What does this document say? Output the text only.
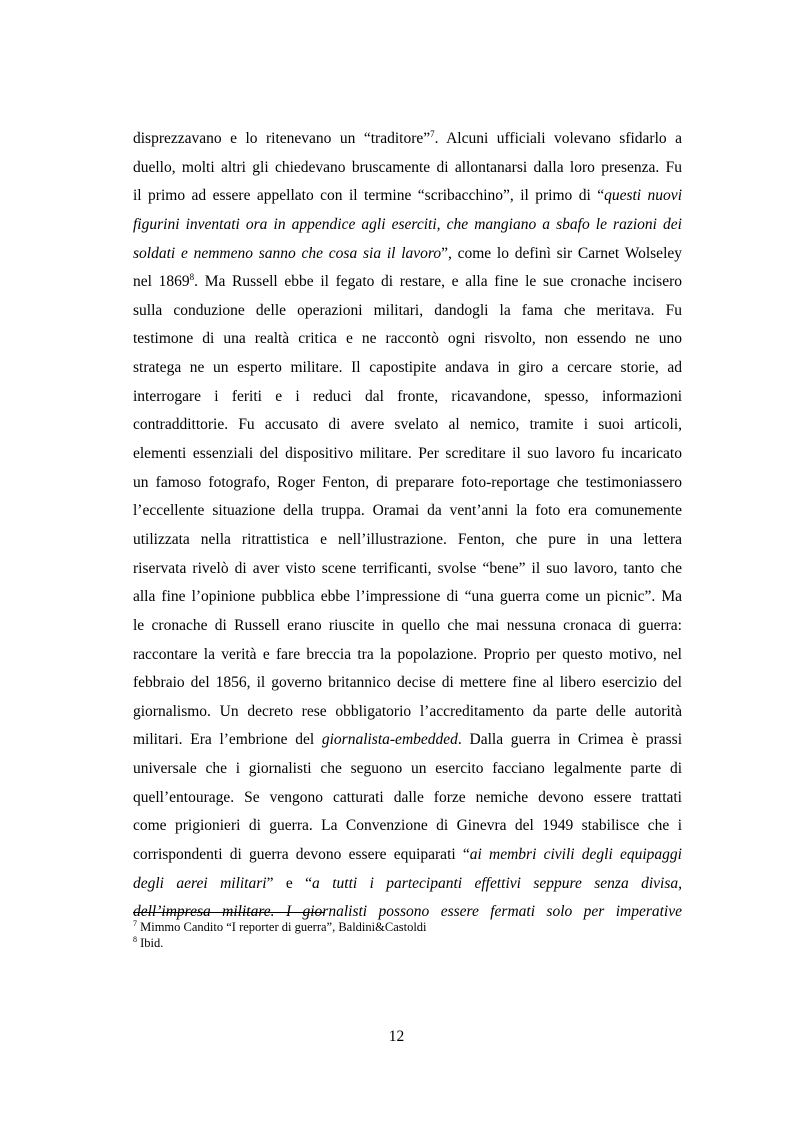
disprezzavano e lo ritenevano un “traditore”$^7$. Alcuni ufficiali volevano sfidarlo a
duello, molti altri gli chiedevano bruscamente di allontanarsi dalla loro presenza. Fu
il primo ad essere appellato con il termine “scribacchino”, il primo di “questi nuovi
figurini inventati ora in appendice agli eserciti, che mangiano a sbafo le razioni dei
soldati e nemmeno sanno che cosa sia il lavoro”, come lo definì sir Carnet Wolseley
nel 1869$^8$. Ma Russell ebbe il fegato di restare, e alla fine le sue cronache incisero
sulla conduzione delle operazioni militari, dandogli la fama che meritava. Fu
testimone di una realtà critica e ne raccontò ogni risvolto, non essendo ne uno
stratega ne un esperto militare. Il capostipite andava in giro a cercare storie, ad
interrogare i feriti e i reduci dal fronte, ricavandone, spesso, informazioni
contraddittorie. Fu accusato di avere svelato al nemico, tramite i suoi articoli,
elementi essenziali del dispositivo militare. Per screditare il suo lavoro fu incaricato
un famoso fotografo, Roger Fenton, di preparare foto-reportage che testimoniassero
l’eccellente situazione della truppa. Oramai da vent’anni la foto era comunemente
utilizzata nella ritrattistica e nell’illustrazione. Fenton, che pure in una lettera
riservata rivelò di aver visto scene terrificanti, svolse “bene” il suo lavoro, tanto che
alla fine l’opinione pubblica ebbe l’impressione di “una guerra come un picnic”. Ma
le cronache di Russell erano riuscite in quello che mai nessuna cronaca di guerra:
raccontare la verità e fare breccia tra la popolazione. Proprio per questo motivo, nel
febbraio del 1856, il governo britannico decise di mettere fine al libero esercizio del
giornalismo. Un decreto rese obbligatorio l’accreditamento da parte delle autorità
militari. Era l’embrione del giornalista-embedded. Dalla guerra in Crimea è prassi
universale che i giornalisti che seguono un esercito facciano legalmente parte di
quell’entourage. Se vengono catturati dalle forze nemiche devono essere trattati
come prigionieri di guerra. La Convenzione di Ginevra del 1949 stabilisce che i
corrispondenti di guerra devono essere equiparati “ai membri civili degli equipaggi
degli aerei militari” e “a tutti i partecipanti effettivi seppure senza divisa,
dell’impresa militare. I giornalisti possono essere fermati solo per imperative
$^7$ Mimmo Candito “I reporter di guerra”, Baldini&Castoldi
$^8$ Ibid.
12
